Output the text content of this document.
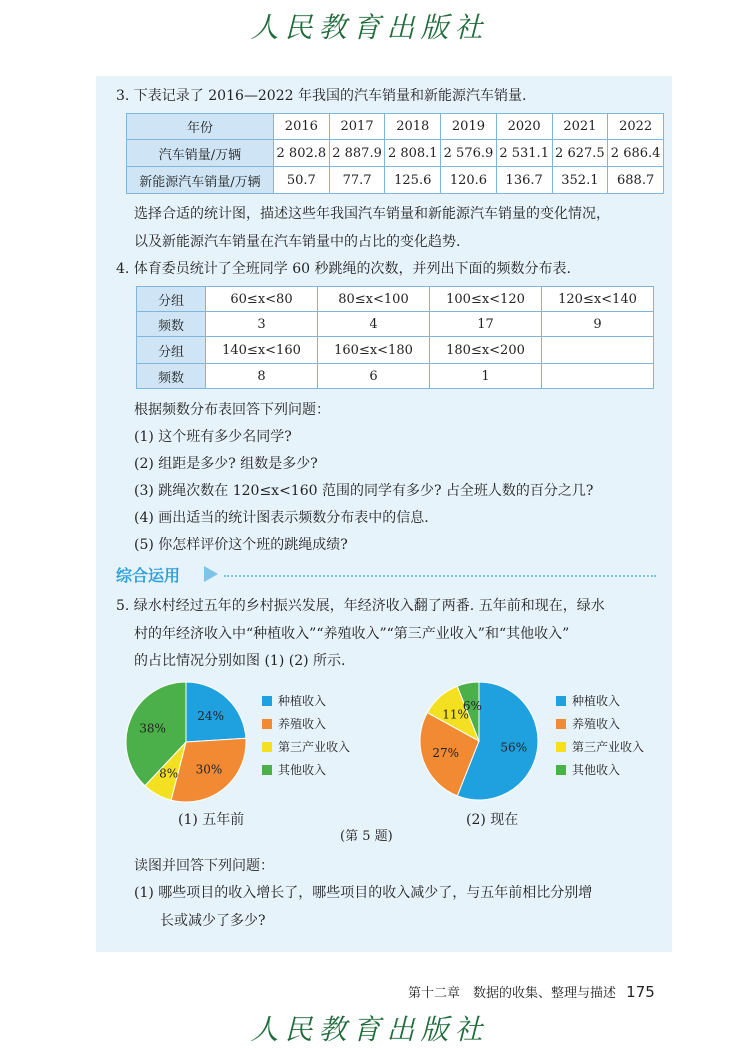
人民教育出版社
3. 下表记录了 2016—2022 年我国的汽车销量和新能源汽车销量.
年份	2016	2017	2018	2019	2020	2021	2022
汽车销量/万辆	2 802.8	2 887.9	2 808.1	2 576.9	2 531.1	2 627.5	2 686.4
新能源汽车销量/万辆	50.7	77.7	125.6	120.6	136.7	352.1	688.7
选择合适的统计图，描述这些年我国汽车销量和新能源汽车销量的变化情况，
以及新能源汽车销量在汽车销量中的占比的变化趋势.
4. 体育委员统计了全班同学 60 秒跳绳的次数，并列出下面的频数分布表.
分组	60≤x<80	80≤x<100	100≤x<120	120≤x<140
频数	3	4	17	9
分组	140≤x<160	160≤x<180	180≤x<200	
频数	8	6	1	
根据频数分布表回答下列问题：
(1) 这个班有多少名同学?
(2) 组距是多少? 组数是多少?
(3) 跳绳次数在 120≤x<160 范围的同学有多少? 占全班人数的百分之几?
(4) 画出适当的统计图表示频数分布表中的信息.
(5) 你怎样评价这个班的跳绳成绩?
综合运用
5. 绿水村经过五年的乡村振兴发展，年经济收入翻了两番. 五年前和现在，绿水
村的年经济收入中“种植收入”“养殖收入”“第三产业收入”和“其他收入”
的占比情况分别如图 (1) (2) 所示.
24%
30%
8%
38%
种植收入
养殖收入
第三产业收入
其他收入
(1) 五年前
56%
27%
11%
6%	种植收入
养殖收入
第三产业收入
其他收入
(2) 现在
(第 5 题)
读图并回答下列问题：
(1) 哪些项目的收入增长了，哪些项目的收入减少了，与五年前相比分别增
长或减少了多少?
第十二章　数据的收集、整理与描述 175
人民教育出版社
